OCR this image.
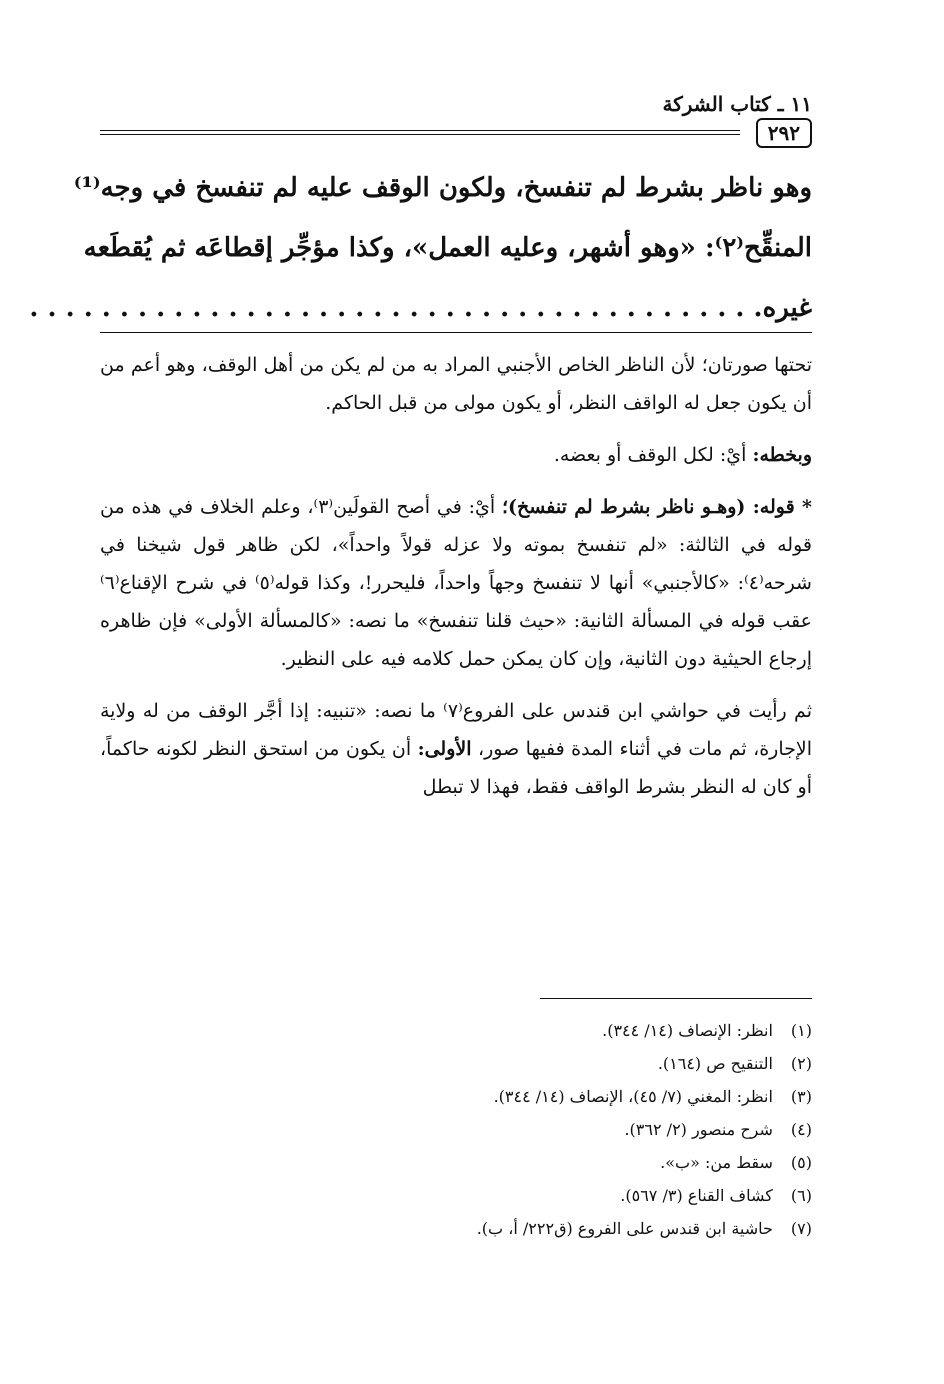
١١ ـ كتاب الشركة
٢٩٢
وهو ناظر بشرط لم تنفسخ، ولكون الوقف عليه لم تنفسخ في وجه⁽¹⁾
المنقِّح⁽٢⁾: «وهو أشهر، وعليه العمل»، وكذا مؤجِّر إقطاعَه ثم يُقطَعه
غيره. . . . . . . . . . . . . . . . . . . . . . . . . . . . . . . . . . . . . . . . .

تحتها صورتان؛ لأن الناظر الخاص الأجنبي المراد به من لم يكن من أهل الوقف، وهو أعم من أن يكون جعل له الواقف النظر، أو يكون مولى من قبل الحاكم.

وبخطه: أيْ: لكل الوقف أو بعضه.

* قوله: (وهـو ناظر بشرط لم تنفسخ)؛ أيْ: في أصح القولَين⁽٣⁾، وعلم الخلاف في هذه من قوله في الثالثة: «لم تنفسخ بموته ولا عزله قولاً واحداً»، لكن ظاهر قول شيخنا في شرحه⁽٤⁾: «كالأجنبي» أنها لا تنفسخ وجهاً واحداً، فليحرر!، وكذا قوله⁽٥⁾ في شرح الإقناع⁽٦⁾ عقب قوله في المسألة الثانية: «حيث قلنا تنفسخ» ما نصه: «كالمسألة الأولى» فإن ظاهره إرجاع الحيثية دون الثانية، وإن كان يمكن حمل كلامه فيه على النظير.

ثم رأيت في حواشي ابن قندس على الفروع⁽٧⁾ ما نصه: «تنبيه: إذا أجَّر الوقف من له ولاية الإجارة، ثم مات في أثناء المدة ففيها صور، الأولى: أن يكون من استحق النظر لكونه حاكماً، أو كان له النظر بشرط الواقف فقط، فهذا لا تبطل

(١) انظر: الإنصاف (١٤/ ٣٤٤).
(٢) التنقيح ص (١٦٤).
(٣) انظر: المغني (٧/ ٤٥)، الإنصاف (١٤/ ٣٤٤).
(٤) شرح منصور (٢/ ٣٦٢).
(٥) سقط من: «ب».
(٦) كشاف القناع (٣/ ٥٦٧).
(٧) حاشية ابن قندس على الفروع (ق٢٢٢/ أ، ب).
